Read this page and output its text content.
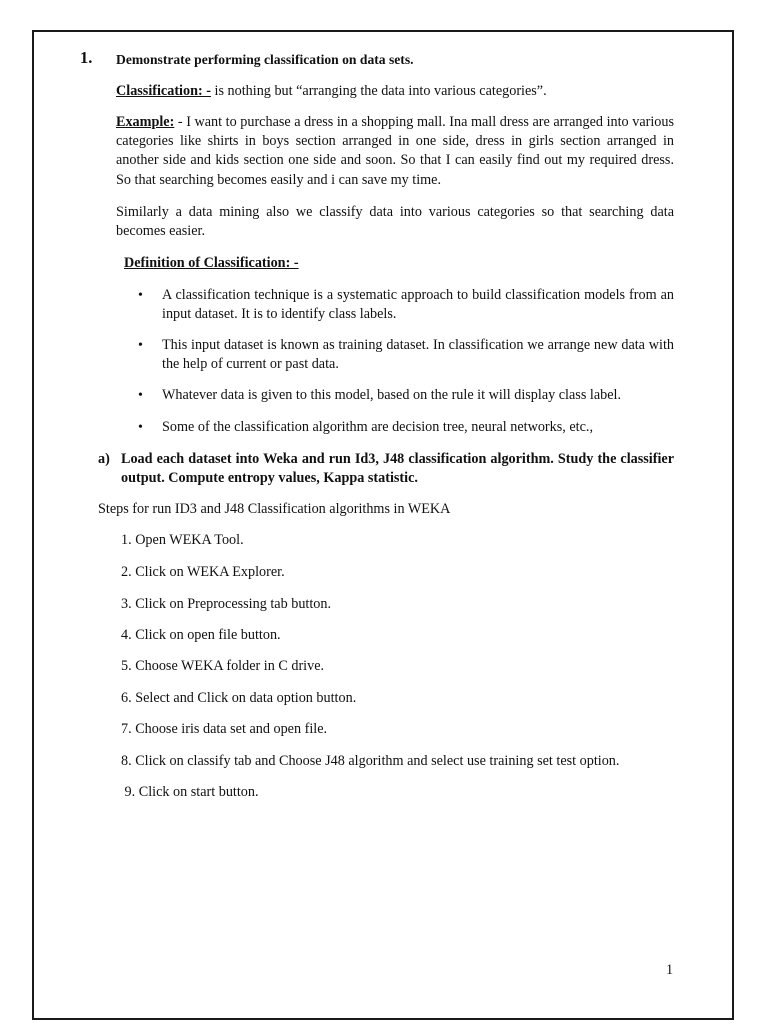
1. Demonstrate performing classification on data sets.
Classification: - is nothing but “arranging the data into various categories”.
Example: - I want to purchase a dress in a shopping mall. Ina mall dress are arranged into various categories like shirts in boys section arranged in one side, dress in girls section arranged in another side and kids section one side and soon. So that I can easily find out my required dress. So that searching becomes easily and i can save my time.
Similarly a data mining also we classify data into various categories so that searching data becomes easier.
Definition of Classification: -
• A classification technique is a systematic approach to build classification models from an input dataset. It is to identify class labels.
• This input dataset is known as training dataset. In classification we arrange new data with the help of current or past data.
• Whatever data is given to this model, based on the rule it will display class label.
• Some of the classification algorithm are decision tree, neural networks, etc.,
a) Load each dataset into Weka and run Id3, J48 classification algorithm. Study the classifier output. Compute entropy values, Kappa statistic.
Steps for run ID3 and J48 Classification algorithms in WEKA
1. Open WEKA Tool.
2. Click on WEKA Explorer.
3. Click on Preprocessing tab button.
4. Click on open file button.
5. Choose WEKA folder in C drive.
6. Select and Click on data option button.
7. Choose iris data set and open file.
8. Click on classify tab and Choose J48 algorithm and select use training set test option.
9. Click on start button.
1
